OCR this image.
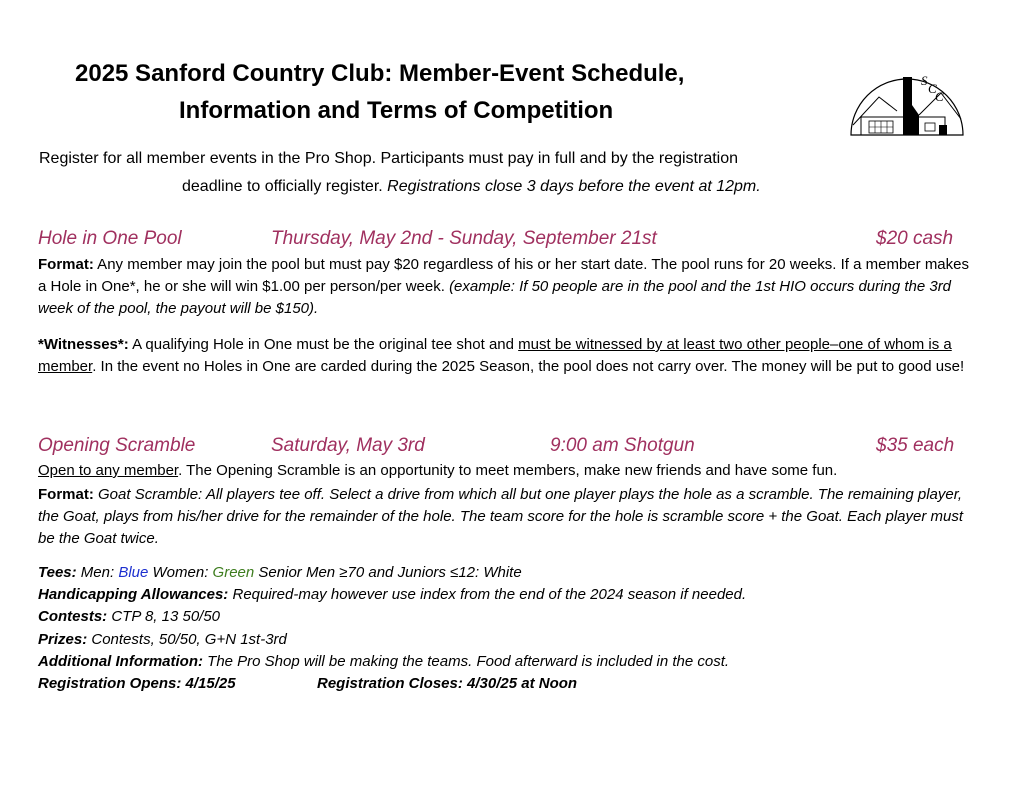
2025 Sanford Country Club: Member-Event Schedule,
Information and Terms of Competition
S
C
C
Register for all member events in the Pro Shop. Participants must pay in full and by the registration
deadline to officially register. Registrations close 3 days before the event at 12pm.
Hole in One Pool	Thursday, May 2nd - Sunday, September 21st	$20 cash
Format: Any member may join the pool but must pay $20 regardless of his or her start date. The pool runs for 20 weeks. If a member makes a Hole in One*, he or she will win $1.00 per person/per week. (example: If 50 people are in the pool and the 1st HIO occurs during the 3rd week of the pool, the payout will be $150).
*Witnesses*: A qualifying Hole in One must be the original tee shot and must be witnessed by at least two other people–one of whom is a member. In the event no Holes in One are carded during the 2025 Season, the pool does not carry over. The money will be put to good use!
Opening Scramble	Saturday, May 3rd	9:00 am Shotgun	$35 each
Open to any member. The Opening Scramble is an opportunity to meet members, make new friends and have some fun.
Format: Goat Scramble: All players tee off. Select a drive from which all but one player plays the hole as a scramble. The remaining player, the Goat, plays from his/her drive for the remainder of the hole. The team score for the hole is scramble score + the Goat. Each player must be the Goat twice.
Tees: Men: Blue Women: Green Senior Men ≥70 and Juniors ≤12: White
Handicapping Allowances: Required-may however use index from the end of the 2024 season if needed.
Contests: CTP 8, 13 50/50
Prizes: Contests, 50/50, G+N 1st-3rd
Additional Information: The Pro Shop will be making the teams. Food afterward is included in the cost.
Registration Opens: 4/15/25	Registration Closes: 4/30/25 at Noon
